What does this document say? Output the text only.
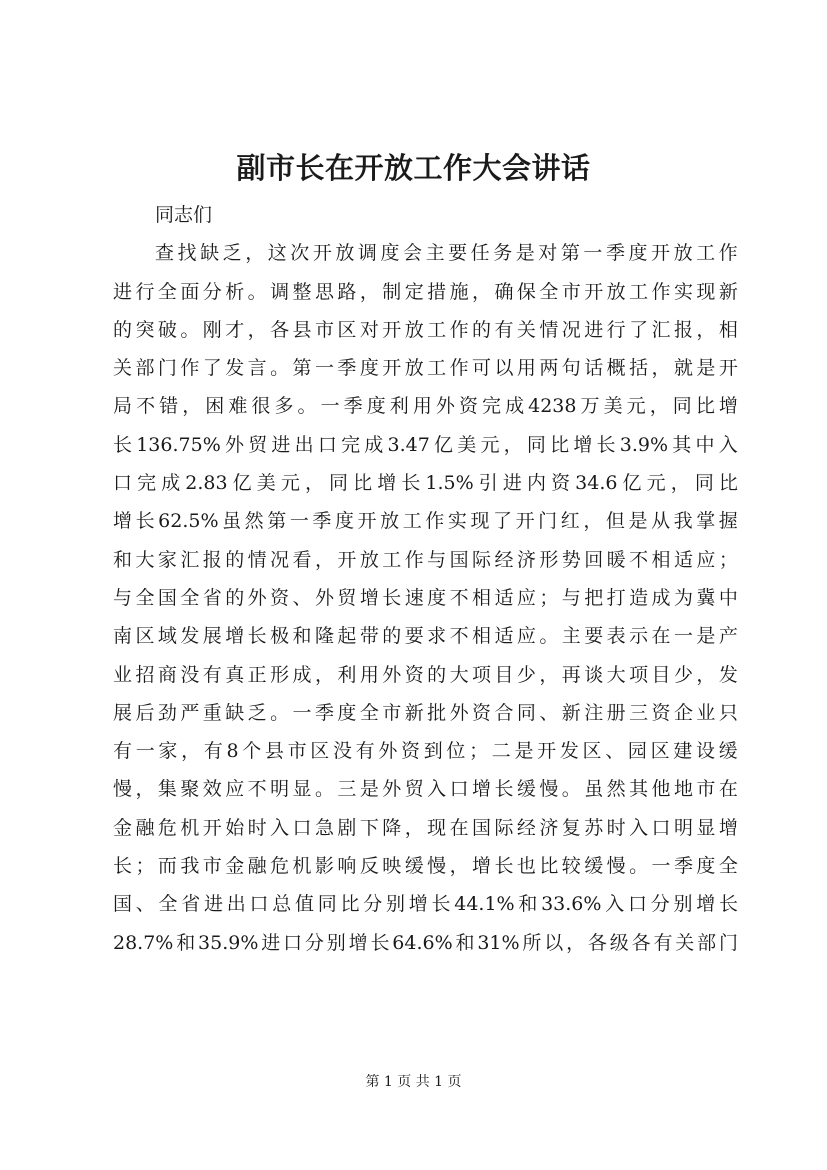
副市长在开放工作大会讲话
同志们
查 找 缺 乏 ， 这 次 开 放 调 度 会 主 要 任 务 是 对 第 一 季 度 开 放 工 作
进 行 全 面 分 析 。 调 整 思 路 ， 制 定 措 施 ， 确 保 全 市 开 放 工 作 实 现 新
的 突 破 。 刚 才 ， 各 县 市 区 对 开 放 工 作 的 有 关 情 况 进 行 了 汇 报 ， 相
关 部 门 作 了 发 言 。 第 一 季 度 开 放 工 作 可 以 用 两 句 话 概 括 ， 就 是 开
局 不 错 ， 困 难 很 多 。 一 季 度 利 用 外 资 完 成 4238 万 美 元 ， 同 比 增
长 136.75% 外 贸 进 出 口 完 成 3.47 亿 美 元 ， 同 比 增 长 3.9% 其 中 入
口 完 成 2.83 亿 美 元 ， 同 比 增 长 1.5% 引 进 内 资 34.6 亿 元 ， 同 比
增 长 62.5% 虽 然 第 一 季 度 开 放 工 作 实 现 了 开 门 红 ， 但 是 从 我 掌 握
和 大 家 汇 报 的 情 况 看 ， 开 放 工 作 与 国 际 经 济 形 势 回 暖 不 相 适 应 ；
与 全 国 全 省 的 外 资 、 外 贸 增 长 速 度 不 相 适 应 ； 与 把 打 造 成 为 冀 中
南 区 域 发 展 增 长 极 和 隆 起 带 的 要 求 不 相 适 应 。 主 要 表 示 在 一 是 产
业 招 商 没 有 真 正 形 成 ， 利 用 外 资 的 大 项 目 少 ， 再 谈 大 项 目 少 ， 发
展 后 劲 严 重 缺 乏 。 一 季 度 全 市 新 批 外 资 合 同 、 新 注 册 三 资 企 业 只
有 一 家 ， 有 8 个 县 市 区 没 有 外 资 到 位 ； 二 是 开 发 区 、 园 区 建 设 缓
慢 ， 集 聚 效 应 不 明 显 。 三 是 外 贸 入 口 增 长 缓 慢 。 虽 然 其 他 地 市 在
金 融 危 机 开 始 时 入 口 急 剧 下 降 ， 现 在 国 际 经 济 复 苏 时 入 口 明 显 增
长 ； 而 我 市 金 融 危 机 影 响 反 映 缓 慢 ， 增 长 也 比 较 缓 慢 。 一 季 度 全
国 、 全 省 进 出 口 总 值 同 比 分 别 增 长 44.1% 和 33.6% 入 口 分 别 增 长
28.7% 和 35.9% 进 口 分 别 增 长 64.6% 和 31% 所 以 ， 各 级 各 有 关 部 门
第 1 页 共 1 页
